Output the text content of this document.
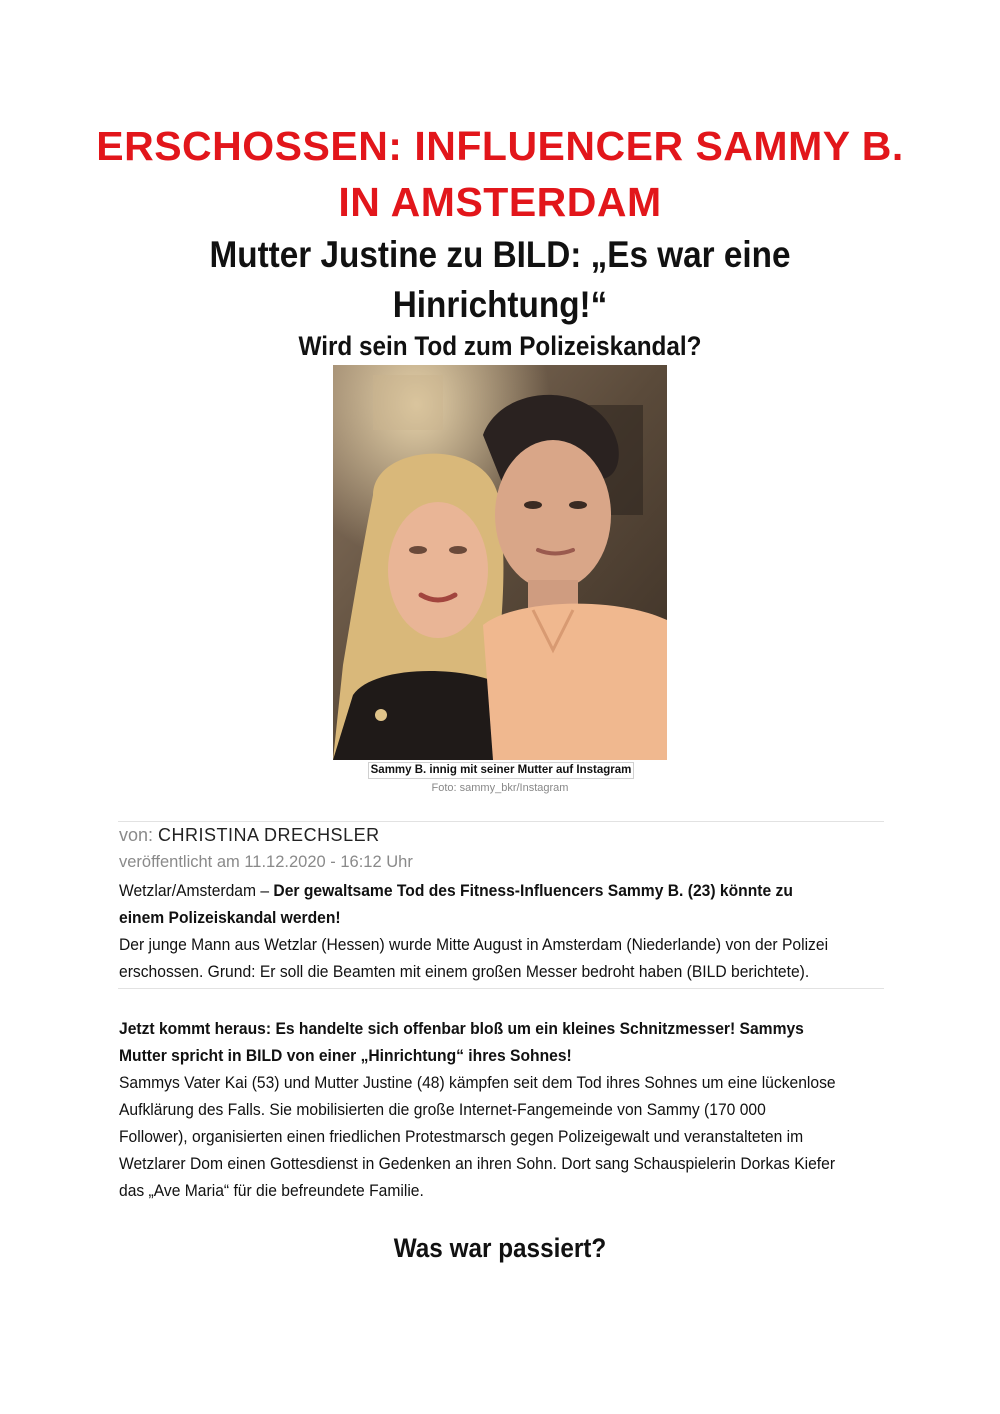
ERSCHOSSEN: INFLUENCER SAMMY B. IN AMSTERDAM
Mutter Justine zu BILD: „Es war eine Hinrichtung!“
Wird sein Tod zum Polizeiskandal?
Sammy B. innig mit seiner Mutter auf Instagram
Foto: sammy_bkr/Instagram
von: CHRISTINA DRECHSLER
veröffentlicht am 11.12.2020 - 16:12 Uhr

Wetzlar/Amsterdam – Der gewaltsame Tod des Fitness-Influencers Sammy B. (23) könnte zu einem Polizeiskandal werden!

Der junge Mann aus Wetzlar (Hessen) wurde Mitte August in Amsterdam (Niederlande) von der Polizei erschossen. Grund: Er soll die Beamten mit einem großen Messer bedroht haben (BILD berichtete).

Jetzt kommt heraus: Es handelte sich offenbar bloß um ein kleines Schnitzmesser! Sammys Mutter spricht in BILD von einer „Hinrichtung“ ihres Sohnes!

Sammys Vater Kai (53) und Mutter Justine (48) kämpfen seit dem Tod ihres Sohnes um eine lückenlose Aufklärung des Falls. Sie mobilisierten die große Internet-Fangemeinde von Sammy (170 000 Follower), organisierten einen friedlichen Protestmarsch gegen Polizeigewalt und veranstalteten im Wetzlarer Dom einen Gottesdienst in Gedenken an ihren Sohn. Dort sang Schauspielerin Dorkas Kiefer das „Ave Maria“ für die befreundete Familie.

Was war passiert?
